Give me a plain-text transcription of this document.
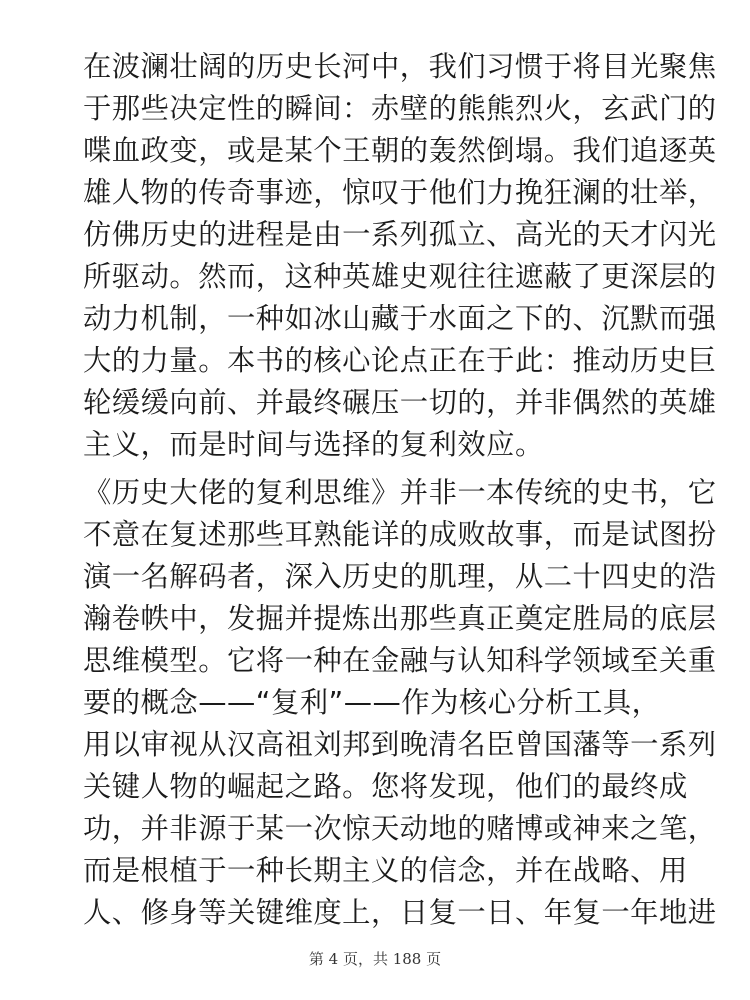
在波澜壮阔的历史长河中，我们习惯于将目光聚焦
于那些决定性的瞬间：赤壁的熊熊烈火，玄武门的
喋血政变，或是某个王朝的轰然倒塌。我们追逐英
雄人物的传奇事迹，惊叹于他们力挽狂澜的壮举，
仿佛历史的进程是由一系列孤立、高光的天才闪光
所驱动。然而，这种英雄史观往往遮蔽了更深层的
动力机制，一种如冰山藏于水面之下的、沉默而强
大的力量。本书的核心论点正在于此：推动历史巨
轮缓缓向前、并最终碾压一切的，并非偶然的英雄
主义，而是时间与选择的复利效应。
《历史大佬的复利思维》并非一本传统的史书，它
不意在复述那些耳熟能详的成败故事，而是试图扮
演一名解码者，深入历史的肌理，从二十四史的浩
瀚卷帙中，发掘并提炼出那些真正奠定胜局的底层
思维模型。它将一种在金融与认知科学领域至关重
要的概念——“复利”——作为核心分析工具，
用以审视从汉高祖刘邦到晚清名臣曾国藩等一系列
关键人物的崛起之路。您将发现，他们的最终成
功，并非源于某一次惊天动地的赌博或神来之笔，
而是根植于一种长期主义的信念，并在战略、用
人、修身等关键维度上，日复一日、年复一年地进
第 4 页，共 188 页
